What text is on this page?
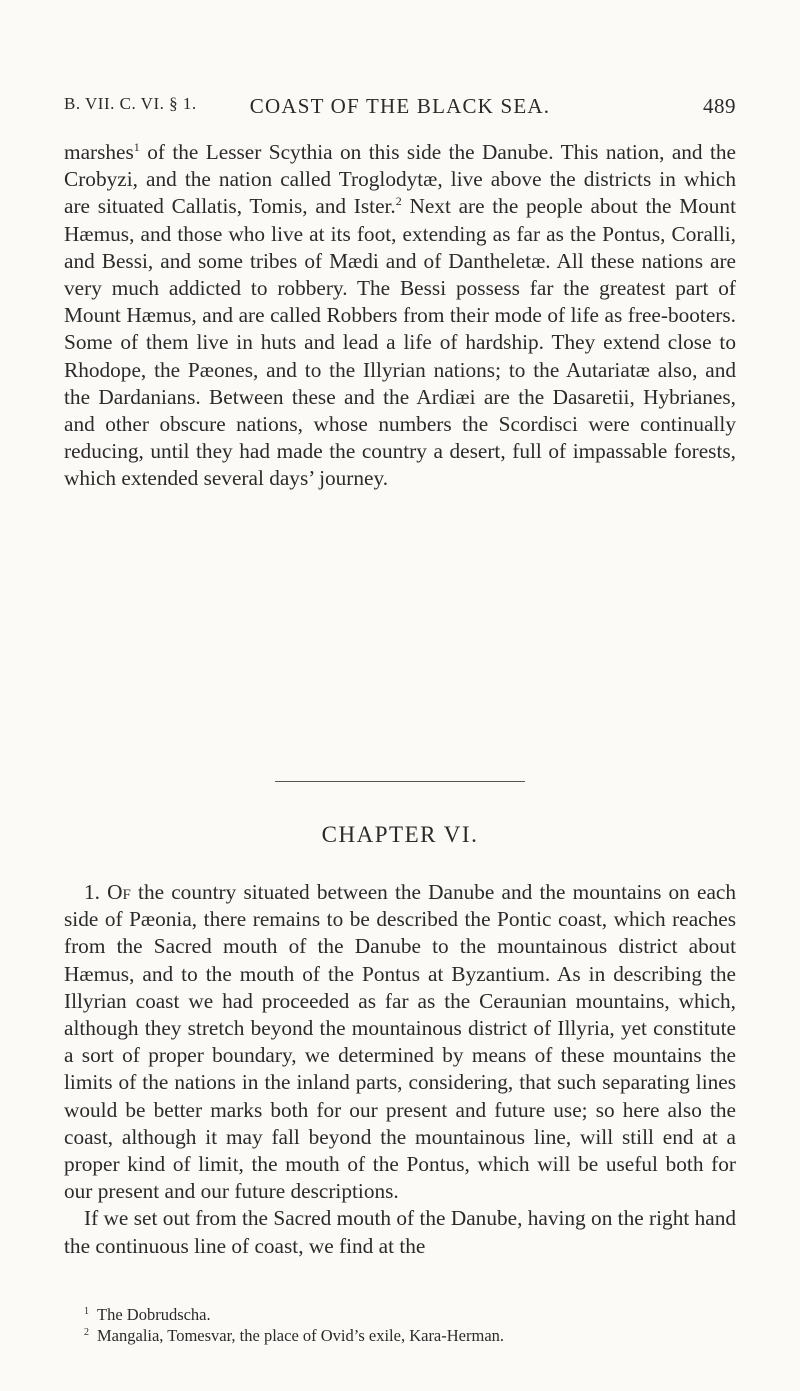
B. VII. C. VI. § 1.	COAST OF THE BLACK SEA.	489
marshes$^1$ of the Lesser Scythia on this side the Danube. This nation, and the Crobyzi, and the nation called Troglodytæ, live above the districts in which are situated Callatis, Tomis, and Ister.$^2$ Next are the people about the Mount Hæmus, and those who live at its foot, extending as far as the Pontus, Coralli, and Bessi, and some tribes of Mædi and of Dantheletæ. All these nations are very much addicted to robbery. The Bessi possess far the greatest part of Mount Hæmus, and are called Robbers from their mode of life as free-booters. Some of them live in huts and lead a life of hardship. They extend close to Rhodope, the Pæones, and to the Illyrian nations; to the Autariatæ also, and the Dardanians. Between these and the Ardiæi are the Dasaretii, Hybrianes, and other obscure nations, whose numbers the Scordisci were continually reducing, until they had made the country a desert, full of impassable forests, which extended several days’ journey.
CHAPTER VI.
1. Of the country situated between the Danube and the mountains on each side of Pæonia, there remains to be described the Pontic coast, which reaches from the Sacred mouth of the Danube to the mountainous district about Hæmus, and to the mouth of the Pontus at Byzantium. As in describing the Illyrian coast we had proceeded as far as the Ceraunian mountains, which, although they stretch beyond the mountainous district of Illyria, yet constitute a sort of proper boundary, we determined by means of these mountains the limits of the nations in the inland parts, considering, that such separating lines would be better marks both for our present and future use; so here also the coast, although it may fall beyond the mountainous line, will still end at a proper kind of limit, the mouth of the Pontus, which will be useful both for our present and our future descriptions.
If we set out from the Sacred mouth of the Danube, having on the right hand the continuous line of coast, we find at the
$^1$ The Dobrudscha.
$^2$ Mangalia, Tomesvar, the place of Ovid’s exile, Kara-Herman.
